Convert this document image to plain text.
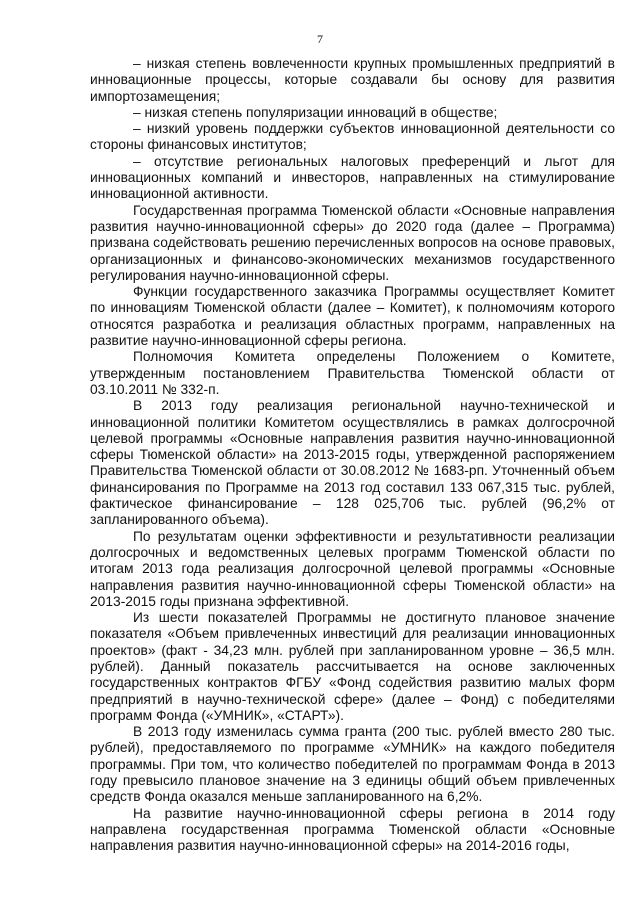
7

– низкая степень вовлеченности крупных промышленных предприятий в инновационные процессы, которые создавали бы основу для развития импортозамещения;

– низкая степень популяризации инноваций в обществе;

– низкий уровень поддержки субъектов инновационной деятельности со стороны финансовых институтов;

– отсутствие региональных налоговых преференций и льгот для инновационных компаний и инвесторов, направленных на стимулирование инновационной активности.

Государственная программа Тюменской области «Основные направления развития научно-инновационной сферы» до 2020 года (далее – Программа) призвана содействовать решению перечисленных вопросов на основе правовых, организационных и финансово-экономических механизмов государственного регулирования научно-инновационной сферы.

Функции государственного заказчика Программы осуществляет Комитет по инновациям Тюменской области (далее – Комитет), к полномочиям которого относятся разработка и реализация областных программ, направленных на развитие научно-инновационной сферы региона.

Полномочия Комитета определены Положением о Комитете, утвержденным постановлением Правительства Тюменской области от 03.10.2011 № 332-п.

В 2013 году реализация региональной научно-технической и инновационной политики Комитетом осуществлялись в рамках долгосрочной целевой программы «Основные направления развития научно-инновационной сферы Тюменской области» на 2013-2015 годы, утвержденной распоряжением Правительства Тюменской области от 30.08.2012 № 1683-рп. Уточненный объем финансирования по Программе на 2013 год составил 133 067,315 тыс. рублей, фактическое финансирование – 128 025,706 тыс. рублей (96,2% от запланированного объема).

По результатам оценки эффективности и результативности реализации долгосрочных и ведомственных целевых программ Тюменской области по итогам 2013 года реализация долгосрочной целевой программы «Основные направления развития научно-инновационной сферы Тюменской области» на 2013-2015 годы признана эффективной.

Из шести показателей Программы не достигнуто плановое значение показателя «Объем привлеченных инвестиций для реализации инновационных проектов» (факт - 34,23 млн. рублей при запланированном уровне – 36,5 млн. рублей). Данный показатель рассчитывается на основе заключенных государственных контрактов ФГБУ «Фонд содействия развитию малых форм предприятий в научно-технической сфере» (далее – Фонд) с победителями программ Фонда («УМНИК», «СТАРТ»).

В 2013 году изменилась сумма гранта (200 тыс. рублей вместо 280 тыс. рублей), предоставляемого по программе «УМНИК» на каждого победителя программы. При том, что количество победителей по программам Фонда в 2013 году превысило плановое значение на 3 единицы общий объем привлеченных средств Фонда оказался меньше запланированного на 6,2%.

На развитие научно-инновационной сферы региона в 2014 году направлена государственная программа Тюменской области «Основные направления развития научно-инновационной сферы» на 2014-2016 годы,
